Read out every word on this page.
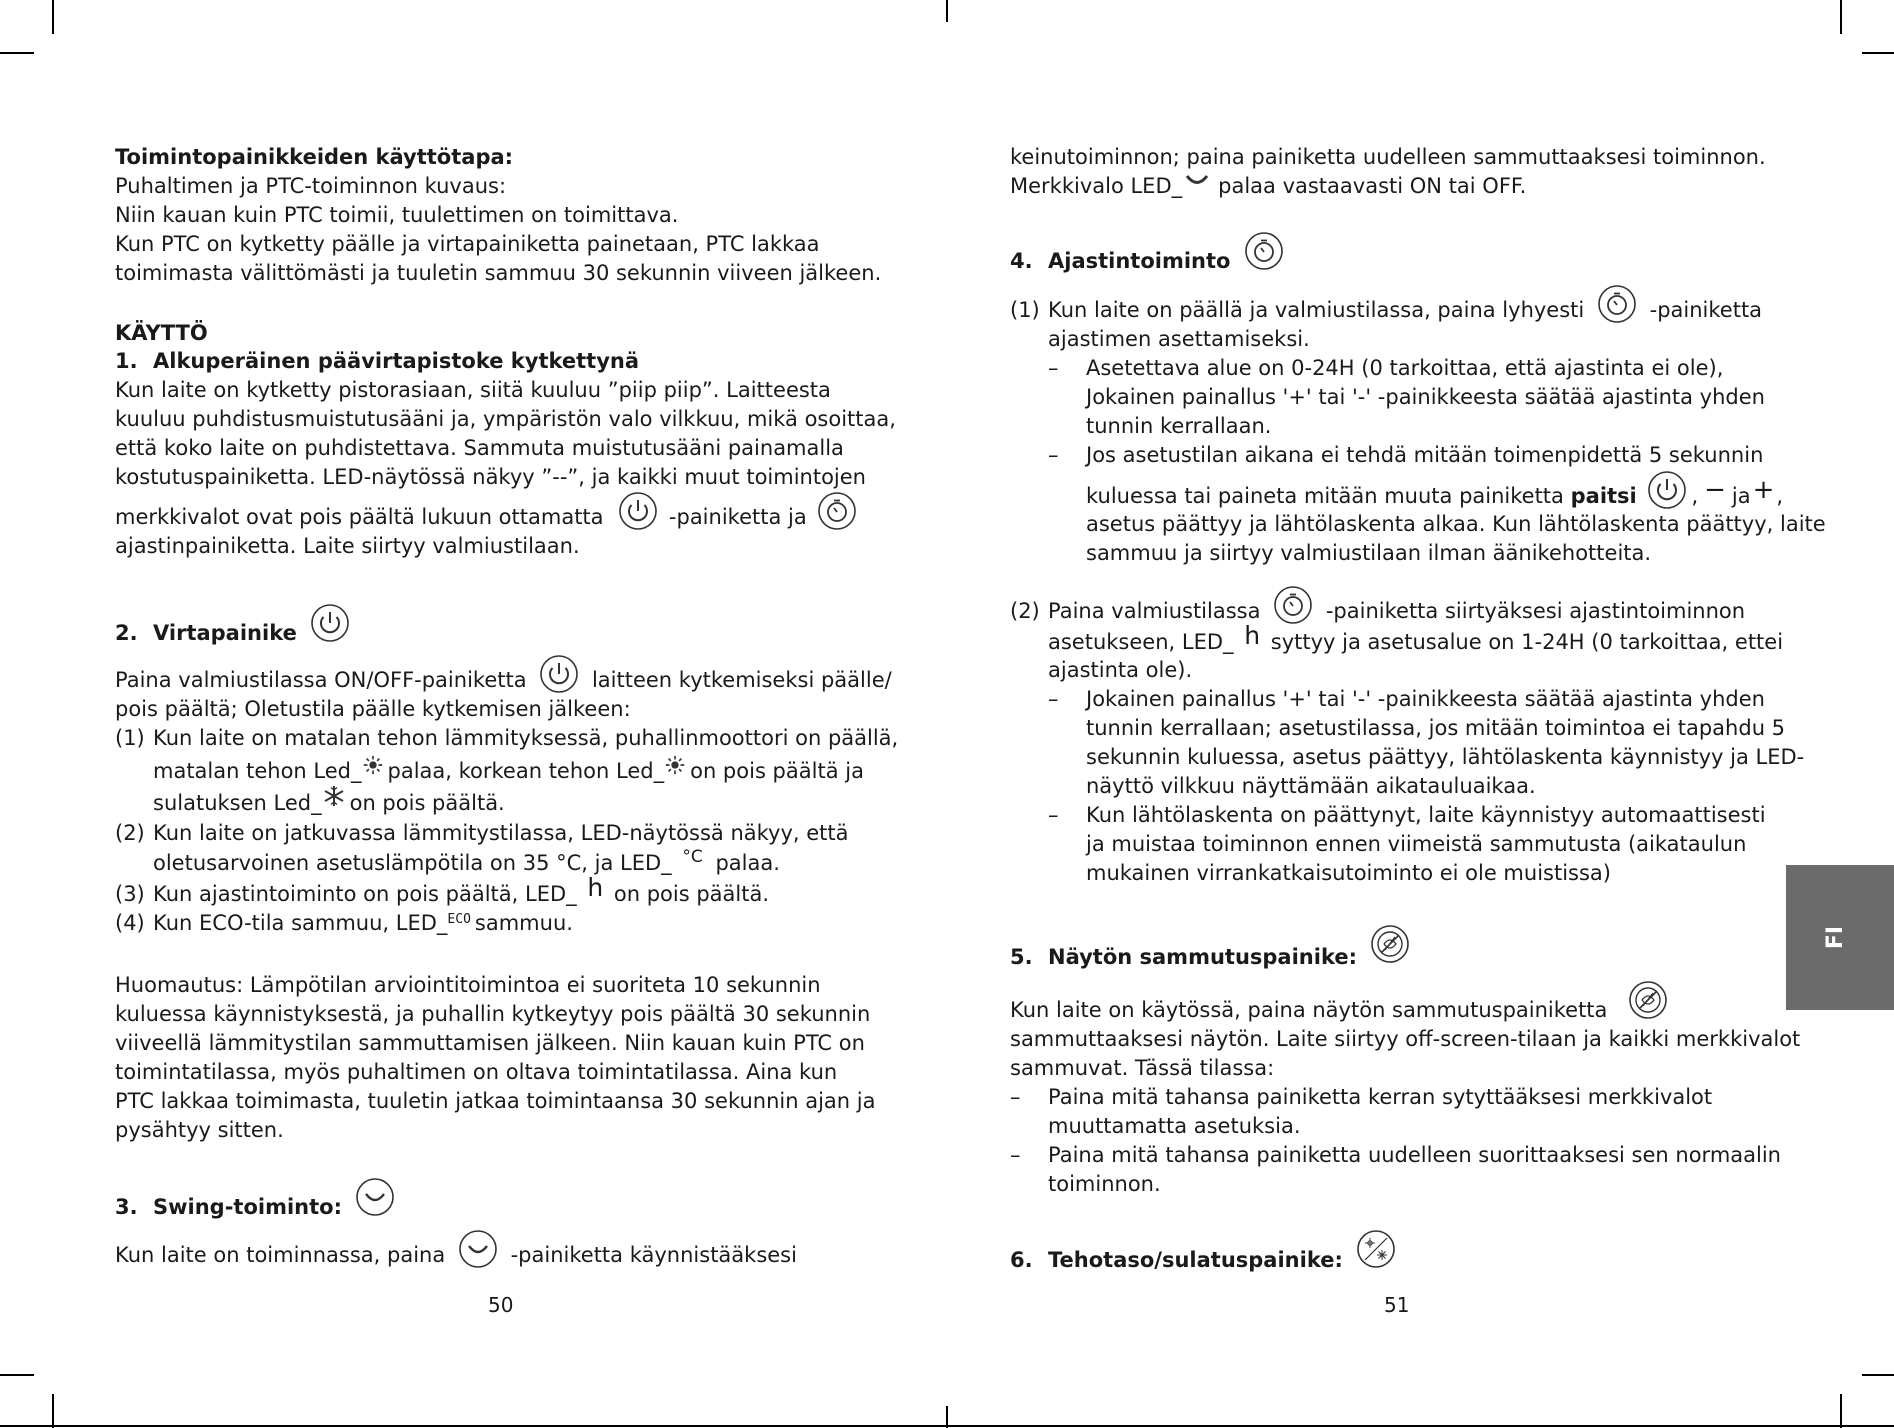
Toimintopainikkeiden käyttötapa:
Puhaltimen ja PTC-toiminnon kuvaus:
Niin kauan kuin PTC toimii, tuulettimen on toimittava.
Kun PTC on kytketty päälle ja virtapainiketta painetaan, PTC lakkaa
toimimasta välittömästi ja tuuletin sammuu 30 sekunnin viiveen jälkeen.
KÄYTTÖ
1. Alkuperäinen päävirtapistoke kytkettynä
Kun laite on kytketty pistorasiaan, siitä kuuluu ”piip piip”. Laitteesta
kuuluu puhdistusmuistutusääni ja, ympäristön valo vilkkuu, mikä osoittaa,
että koko laite on puhdistettava. Sammuta muistutusääni painamalla
kostutuspainiketta. LED-näytössä näkyy ”--”, ja kaikki muut toimintojen
merkkivalot ovat pois päältä lukuun ottamatta	-painiketta ja
ajastinpainiketta. Laite siirtyy valmiustilaan.
2. Virtapainike
Paina valmiustilassa ON/OFF-painiketta	laitteen kytkemiseksi päälle/
pois päältä; Oletustila päälle kytkemisen jälkeen:
(1) Kun laite on matalan tehon lämmityksessä, puhallinmoottori on päällä,
matalan tehon Led_ palaa, korkean tehon Led_ on pois päältä ja
sulatuksen Led_ on pois päältä.
(2) Kun laite on jatkuvassa lämmitystilassa, LED-näytössä näkyy, että
oletusarvoinen asetuslämpötila on 35 °C, ja LED_ $^{^\circ C}$ palaa.
(3) Kun ajastintoiminto on pois päältä, LED_ h on pois päältä.
(4) Kun ECO-tila sammuu, LED_$^{ECO}$ sammuu.
Huomautus: Lämpötilan arviointitoimintoa ei suoriteta 10 sekunnin
kuluessa käynnistyksestä, ja puhallin kytkeytyy pois päältä 30 sekunnin
viiveellä lämmitystilan sammuttamisen jälkeen. Niin kauan kuin PTC on
toimintatilassa, myös puhaltimen on oltava toimintatilassa. Aina kun
PTC lakkaa toimimasta, tuuletin jatkaa toimintaansa 30 sekunnin ajan ja
pysähtyy sitten.
3. Swing-toiminto:
Kun laite on toiminnassa, paina	-painiketta käynnistääksesi
50
keinutoiminnon; paina painiketta uudelleen sammuttaaksesi toiminnon.
Merkkivalo LED_ palaa vastaavasti ON tai OFF.
4. Ajastintoiminto
(1) Kun laite on päällä ja valmiustilassa, paina lyhyesti	-painiketta
ajastimen asettamiseksi.
– Asetettava alue on 0-24H (0 tarkoittaa, että ajastinta ei ole),
Jokainen painallus '+' tai '-' -painikkeesta säätää ajastinta yhden
tunnin kerrallaan.
– Jos asetustilan aikana ei tehdä mitään toimenpidettä 5 sekunnin
kuluessa tai paineta mitään muuta painiketta paitsi	, − ja+,
asetus päättyy ja lähtölaskenta alkaa. Kun lähtölaskenta päättyy, laite
sammuu ja siirtyy valmiustilaan ilman äänikehotteita.
(2) Paina valmiustilassa	-painiketta siirtyäksesi ajastintoiminnon
asetukseen, LED_ h syttyy ja asetusalue on 1-24H (0 tarkoittaa, ettei
ajastinta ole).
– Jokainen painallus '+' tai '-' -painikkeesta säätää ajastinta yhden
tunnin kerrallaan; asetustilassa, jos mitään toimintoa ei tapahdu 5
sekunnin kuluessa, asetus päättyy, lähtölaskenta käynnistyy ja LED-
näyttö vilkkuu näyttämään aikatauluaikaa.
– Kun lähtölaskenta on päättynyt, laite käynnistyy automaattisesti
ja muistaa toiminnon ennen viimeistä sammutusta (aikataulun
mukainen virrankatkaisutoiminto ei ole muistissa)
5. Näytön sammutuspainike:
Kun laite on käytössä, paina näytön sammutuspainiketta
sammuttaaksesi näytön. Laite siirtyy off-screen-tilaan ja kaikki merkkivalot
sammuvat. Tässä tilassa:
– Paina mitä tahansa painiketta kerran sytyttääksesi merkkivalot
muuttamatta asetuksia.
– Paina mitä tahansa painiketta uudelleen suorittaaksesi sen normaalin
toiminnon.
6. Tehotaso/sulatuspainike:
51
FI
